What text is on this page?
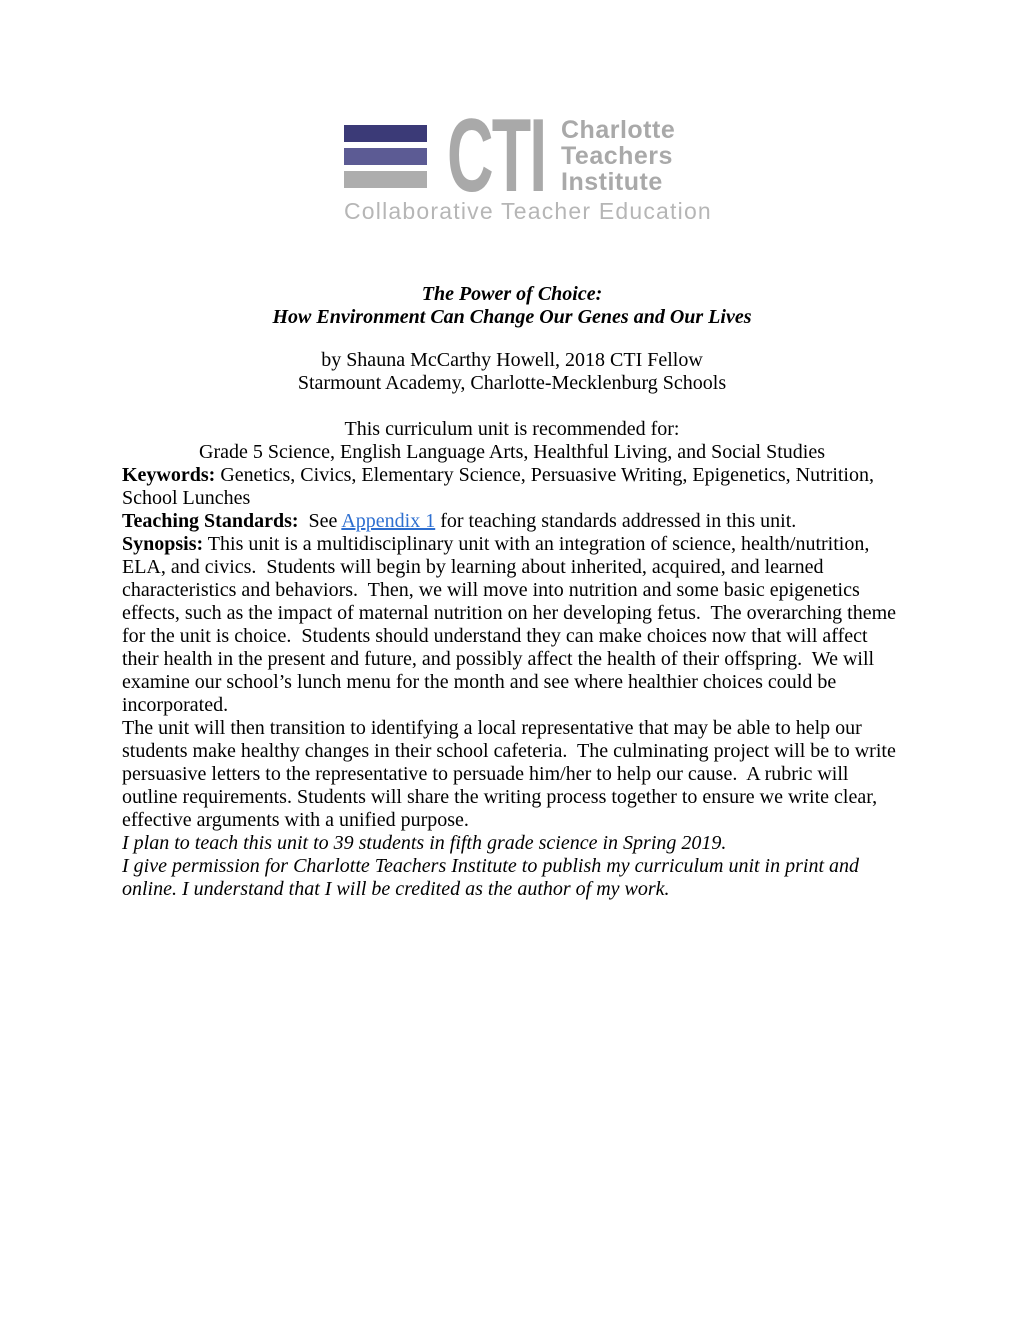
CTI Charlotte
Teachers
Institute
Collaborative Teacher Education
The Power of Choice:
How Environment Can Change Our Genes and Our Lives
by Shauna McCarthy Howell, 2018 CTI Fellow
Starmount Academy, Charlotte-Mecklenburg Schools
This curriculum unit is recommended for:
Grade 5 Science, English Language Arts, Healthful Living, and Social Studies

Keywords: Genetics, Civics, Elementary Science, Persuasive Writing, Epigenetics, Nutrition, School Lunches

Teaching Standards:  See Appendix 1 for teaching standards addressed in this unit.

Synopsis: This unit is a multidisciplinary unit with an integration of science, health/nutrition, ELA, and civics.  Students will begin by learning about inherited, acquired, and learned characteristics and behaviors.  Then, we will move into nutrition and some basic epigenetics effects, such as the impact of maternal nutrition on her developing fetus.  The overarching theme for the unit is choice.  Students should understand they can make choices now that will affect their health in the present and future, and possibly affect the health of their offspring.  We will examine our school’s lunch menu for the month and see where healthier choices could be incorporated.

The unit will then transition to identifying a local representative that may be able to help our students make healthy changes in their school cafeteria.  The culminating project will be to write persuasive letters to the representative to persuade him/her to help our cause.  A rubric will outline requirements. Students will share the writing process together to ensure we write clear, effective arguments with a unified purpose.

I plan to teach this unit to 39 students in fifth grade science in Spring 2019.

I give permission for Charlotte Teachers Institute to publish my curriculum unit in print and online. I understand that I will be credited as the author of my work.
